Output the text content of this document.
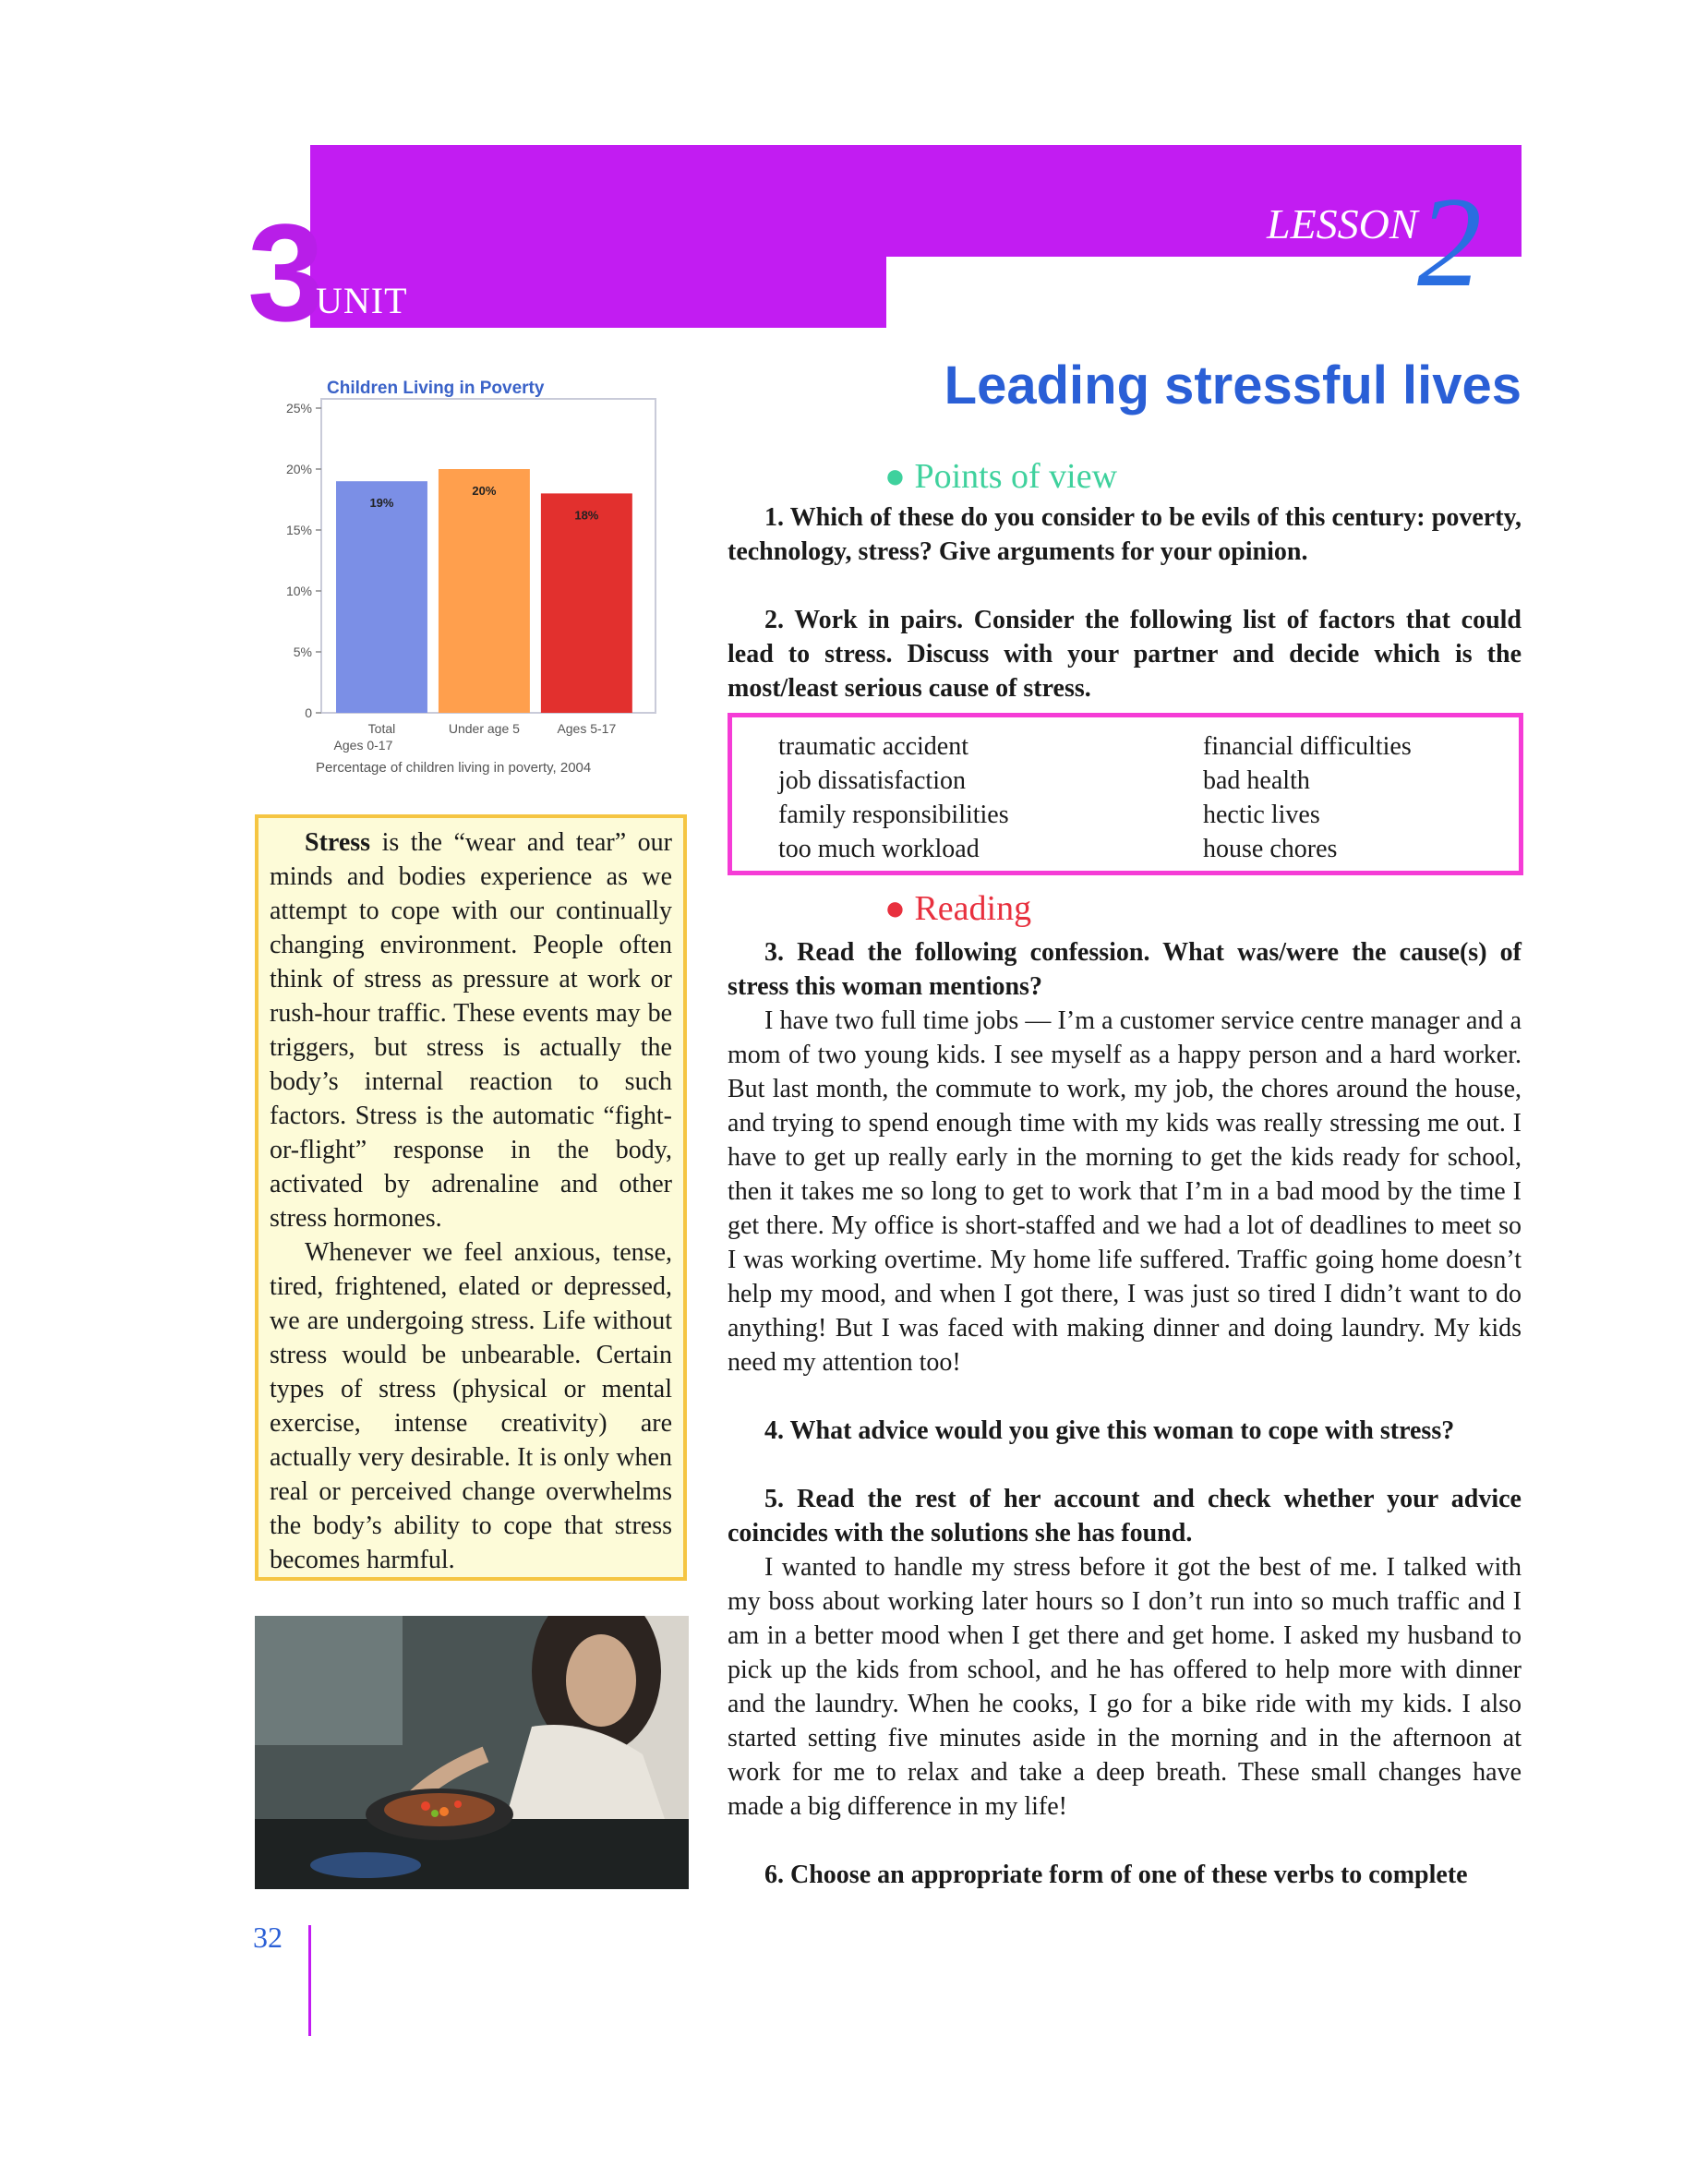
3
UNIT
LESSON 2
Children Living in Poverty
0
5%
10%
15%
20%
25%
19%
Total
Ages 0-17
20%
Under age 5
18%
Ages 5-17
Percentage of children living in poverty, 2004

Stress is the “wear and tear” our minds and bodies experience as we attempt to cope with our continually changing environment. People often think of stress as pressure at work or rush-hour traffic. These events may be triggers, but stress is actually the body’s internal reaction to such factors. Stress is the automatic “fight-or-flight” response in the body, activated by adrenaline and other stress hormones.

Whenever we feel anxious, tense, tired, frightened, elated or depressed, we are undergoing stress. Life without stress would be unbearable. Certain types of stress (physical or mental exercise, intense creativity) are actually very desirable. It is only when real or perceived change overwhelms the body’s ability to cope that stress becomes harmful.

32
Leading stressful lives
● Points of view

1. Which of these do you consider to be evils of this century: poverty, technology, stress? Give arguments for your opinion.

2. Work in pairs. Consider the following list of factors that could lead to stress. Discuss with your partner and decide which is the most/least serious cause of stress.

traumatic accident	financial difficulties
job dissatisfaction	bad health
family responsibilities	hectic lives
too much workload	house chores
● Reading

3. Read the following confession. What was/were the cause(s) of stress this woman mentions?

I have two full time jobs — I’m a customer service centre manager and a mom of two young kids. I see myself as a happy person and a hard worker. But last month, the commute to work, my job, the chores around the house, and trying to spend enough time with my kids was really stressing me out. I have to get up really early in the morning to get the kids ready for school, then it takes me so long to get to work that I’m in a bad mood by the time I get there. My office is short-staffed and we had a lot of deadlines to meet so I was working overtime. My home life suffered. Traffic going home doesn’t help my mood, and when I got there, I was just so tired I didn’t want to do anything! But I was faced with making dinner and doing laundry. My kids need my attention too!

4. What advice would you give this woman to cope with stress?

5. Read the rest of her account and check whether your advice coincides with the solutions she has found.

I wanted to handle my stress before it got the best of me. I talked with my boss about working later hours so I don’t run into so much traffic and I am in a better mood when I get there and get home. I asked my husband to pick up the kids from school, and he has offered to help more with dinner and the laundry. When he cooks, I go for a bike ride with my kids. I also started setting five minutes aside in the morning and in the afternoon at work for me to relax and take a deep breath. These small changes have made a big difference in my life!

6. Choose an appropriate form of one of these verbs to complete
